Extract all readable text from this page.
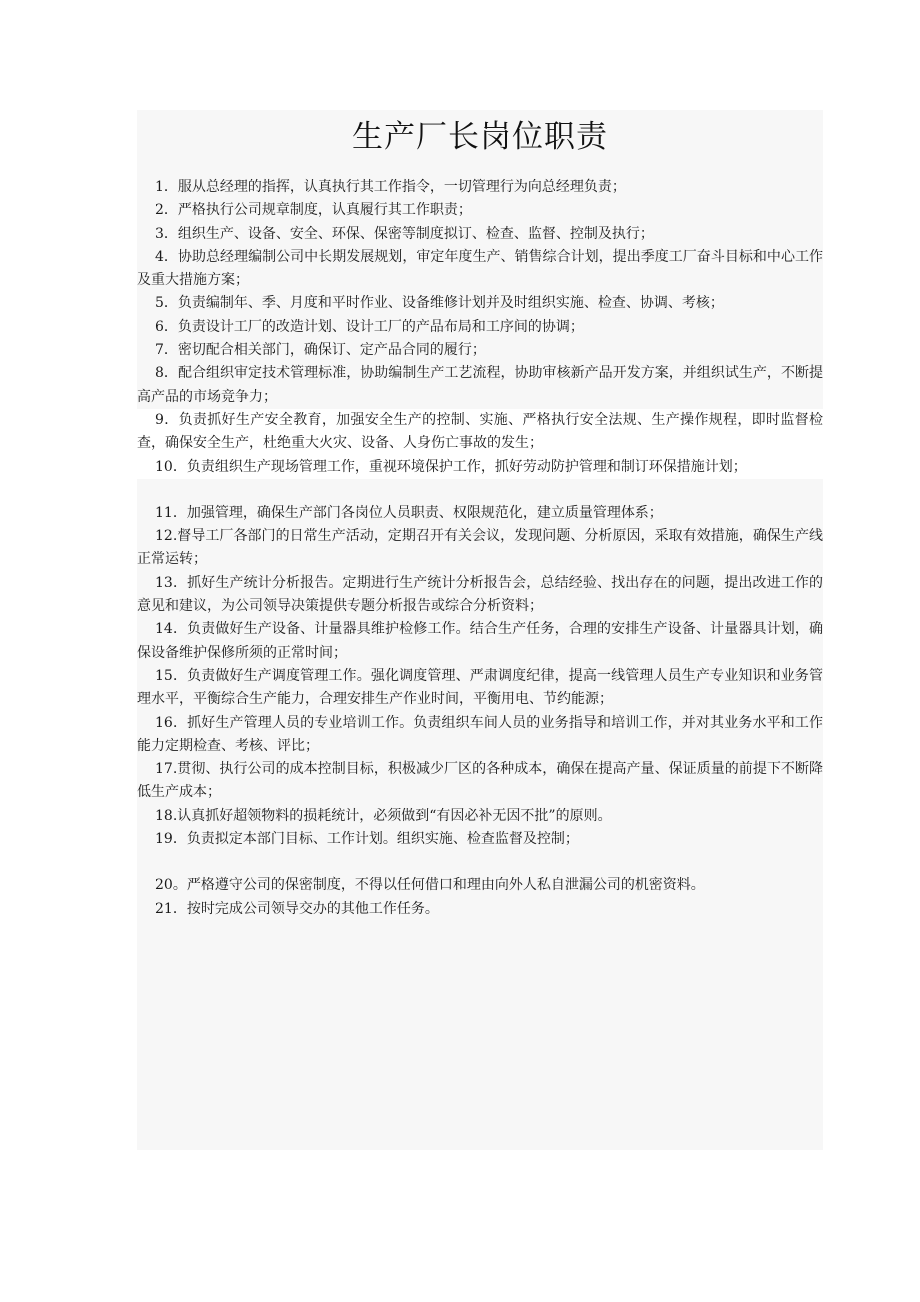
生产厂长岗位职责
1．服从总经理的指挥，认真执行其工作指令，一切管理行为向总经理负责；
2．严格执行公司规章制度，认真履行其工作职责；
3．组织生产、设备、安全、环保、保密等制度拟订、检查、监督、控制及执行；
4．协助总经理编制公司中长期发展规划，审定年度生产、销售综合计划，提出季度工厂奋斗目标和中心工作及重大措施方案；
5．负责编制年、季、月度和平时作业、设备维修计划并及时组织实施、检查、协调、考核；
6．负责设计工厂的改造计划、设计工厂的产品布局和工序间的协调；
7．密切配合相关部门，确保订、定产品合同的履行；
8．配合组织审定技术管理标准，协助编制生产工艺流程，协助审核新产品开发方案，并组织试生产，不断提高产品的市场竞争力；
9．负责抓好生产安全教育，加强安全生产的控制、实施、严格执行安全法规、生产操作规程，即时监督检查，确保安全生产，杜绝重大火灾、设备、人身伤亡事故的发生；
10．负责组织生产现场管理工作，重视环境保护工作，抓好劳动防护管理和制订环保措施计划；
11．加强管理，确保生产部门各岗位人员职责、权限规范化，建立质量管理体系；
12.督导工厂各部门的日常生产活动，定期召开有关会议，发现问题、分析原因，采取有效措施，确保生产线正常运转；
13．抓好生产统计分析报告。定期进行生产统计分析报告会，总结经验、找出存在的问题，提出改进工作的意见和建议，为公司领导决策提供专题分析报告或综合分析资料；
14．负责做好生产设备、计量器具维护检修工作。结合生产任务，合理的安排生产设备、计量器具计划，确保设备维护保修所须的正常时间；
15．负责做好生产调度管理工作。强化调度管理、严肃调度纪律，提高一线管理人员生产专业知识和业务管理水平，平衡综合生产能力，合理安排生产作业时间，平衡用电、节约能源；
16．抓好生产管理人员的专业培训工作。负责组织车间人员的业务指导和培训工作，并对其业务水平和工作能力定期检查、考核、评比；
17.贯彻、执行公司的成本控制目标，积极减少厂区的各种成本，确保在提高产量、保证质量的前提下不断降低生产成本；
18.认真抓好超领物料的损耗统计，必须做到“有因必补无因不批”的原则。
19．负责拟定本部门目标、工作计划。组织实施、检查监督及控制；
20。严格遵守公司的保密制度，不得以任何借口和理由向外人私自泄漏公司的机密资料。
21．按时完成公司领导交办的其他工作任务。
